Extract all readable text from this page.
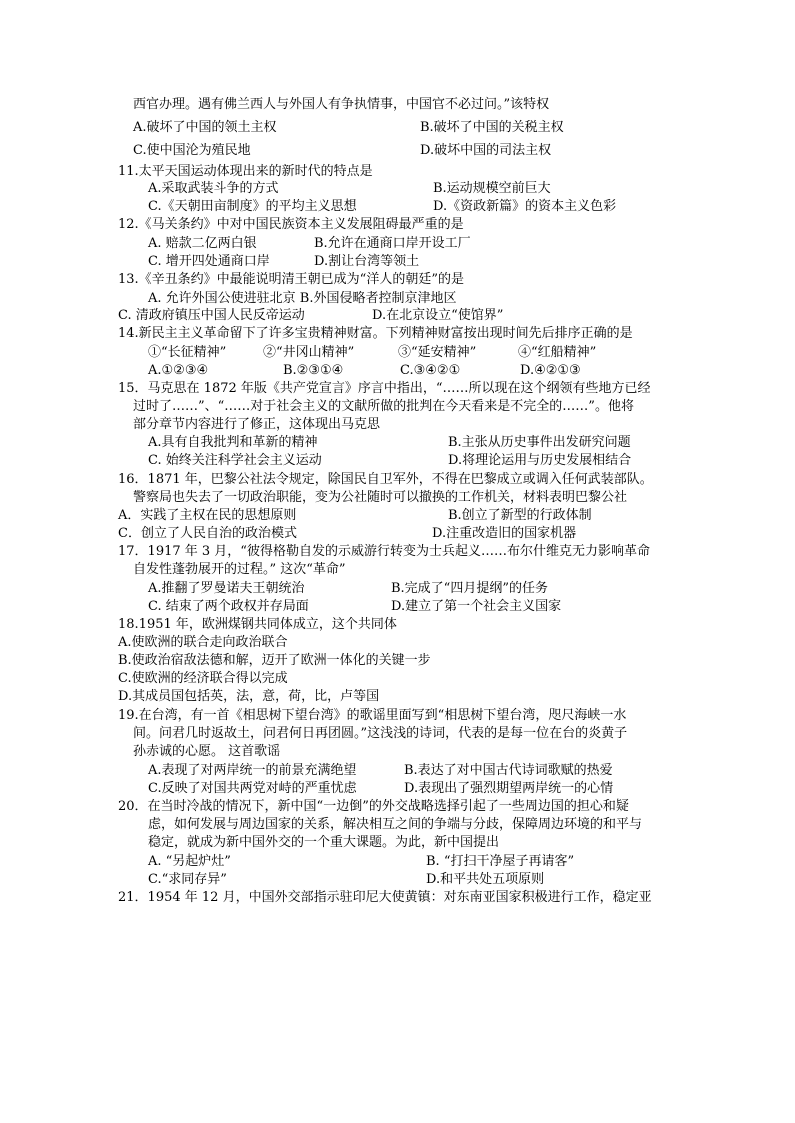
西官办理。遇有佛兰西人与外国人有争执情事，中国官不必过问。”该特权
A.破坏了中国的领土主权	B.破坏了中国的关税主权
C.使中国沦为殖民地	D.破坏中国的司法主权
11.太平天国运动体现出来的新时代的特点是
A.采取武装斗争的方式	B.运动规模空前巨大
C.《天朝田亩制度》的平均主义思想	D.《资政新篇》的资本主义色彩
12.《马关条约》中对中国民族资本主义发展阻碍最严重的是
A. 赔款二亿两白银	B.允许在通商口岸开设工厂
C. 增开四处通商口岸	D.割让台湾等领土
13.《辛丑条约》中最能说明清王朝已成为“洋人的朝廷”的是
A. 允许外国公使进驻北京 B.外国侵略者控制京津地区
C. 清政府镇压中国人民反帝运动	D.在北京设立“使馆界”
14.新民主主义革命留下了许多宝贵精神财富。下列精神财富按出现时间先后排序正确的是
①“长征精神”	②“井冈山精神”	③“延安精神”	④“红船精神”
A.①②③④	B.②③①④	C.③④②①	D.④②①③
15．马克思在 1872 年版《共产党宣言》序言中指出，“……所以现在这个纲领有些地方已经
过时了……”、“……对于社会主义的文献所做的批判在今天看来是不完全的……”。他将
部分章节内容进行了修正，这体现出马克思
A.具有自我批判和革新的精神	B.主张从历史事件出发研究问题
C. 始终关注科学社会主义运动	D.将理论运用与历史发展相结合
16．1871 年，巴黎公社法令规定，除国民自卫军外，不得在巴黎成立或调入任何武装部队。
警察局也失去了一切政治职能，变为公社随时可以撤换的工作机关，材料表明巴黎公社
A．实践了主权在民的思想原则	B.创立了新型的行政体制
C．创立了人民自治的政治模式	D.注重改造旧的国家机器
17．1917 年 3 月，“彼得格勒自发的示威游行转变为士兵起义……布尔什维克无力影响革命
自发性蓬勃展开的过程。” 这次“革命”
A.推翻了罗曼诺夫王朝统治	B.完成了“四月提纲”的任务
C. 结束了两个政权并存局面	D.建立了第一个社会主义国家
18.1951 年，欧洲煤钢共同体成立，这个共同体
A.使欧洲的联合走向政治联合
B.使政治宿敌法德和解，迈开了欧洲一体化的关键一步
C.使欧洲的经济联合得以完成
D.其成员国包括英，法，意，荷，比，卢等国
19.在台湾，有一首《相思树下望台湾》的歌谣里面写到“相思树下望台湾，咫尺海峡一水
间。问君几时返故土，问君何日再团圆。”这浅浅的诗词，代表的是每一位在台的炎黄子
孙赤诚的心愿。 这首歌谣
A.表现了对两岸统一的前景充满绝望	B.表达了对中国古代诗词歌赋的热爱
C.反映了对国共两党对峙的严重忧虑	D.表现出了强烈期望两岸统一的心情
20．在当时冷战的情况下，新中国“一边倒”的外交战略选择引起了一些周边国的担心和疑
虑，如何发展与周边国家的关系，解决相互之间的争端与分歧，保障周边环境的和平与
稳定，就成为新中国外交的一个重大课题。为此，新中国提出
A. “另起炉灶”	B. “打扫干净屋子再请客”
C.“求同存异”	D.和平共处五项原则
21．1954 年 12 月，中国外交部指示驻印尼大使黄镇：对东南亚国家积极进行工作，稳定亚
